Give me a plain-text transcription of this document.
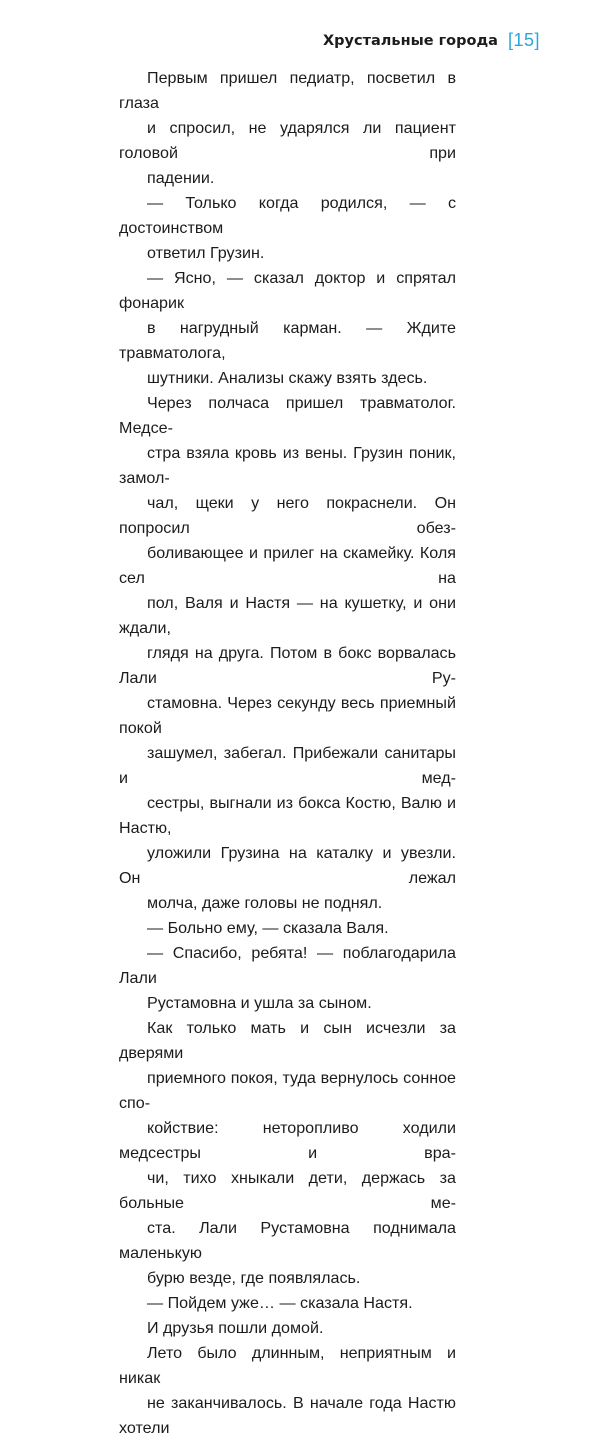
Хрустальные города [15]

Первым пришел педиатр, посветил в глаза
и спросил, не ударялся ли пациент головой при
падении.

— Только когда родился, — с достоинством
ответил Грузин.

— Ясно, — сказал доктор и спрятал фонарик
в нагрудный карман. — Ждите травматолога,
шутники. Анализы скажу взять здесь.

Через полчаса пришел травматолог. Медсе-
стра взяла кровь из вены. Грузин поник, замол-
чал, щеки у него покраснели. Он попросил обез-
боливающее и прилег на скамейку. Коля сел на
пол, Валя и Настя — на кушетку, и они ждали,
глядя на друга. Потом в бокс ворвалась Лали Ру-
стамовна. Через секунду весь приемный покой
зашумел, забегал. Прибежали санитары и мед-
сестры, выгнали из бокса Костю, Валю и Настю,
уложили Грузина на каталку и увезли. Он лежал
молча, даже головы не поднял.

— Больно ему, — сказала Валя.

— Спасибо, ребята! — поблагодарила Лали
Рустамовна и ушла за сыном.

Как только мать и сын исчезли за дверями
приемного покоя, туда вернулось сонное спо-
койствие: неторопливо ходили медсестры и вра-
чи, тихо хныкали дети, держась за больные ме-
ста. Лали Рустамовна поднимала маленькую
бурю везде, где появлялась.

— Пойдем уже… — сказала Настя.

И друзья пошли домой.

Лето было длинным, неприятным и никак
не заканчивалось. В начале года Настю хотели
